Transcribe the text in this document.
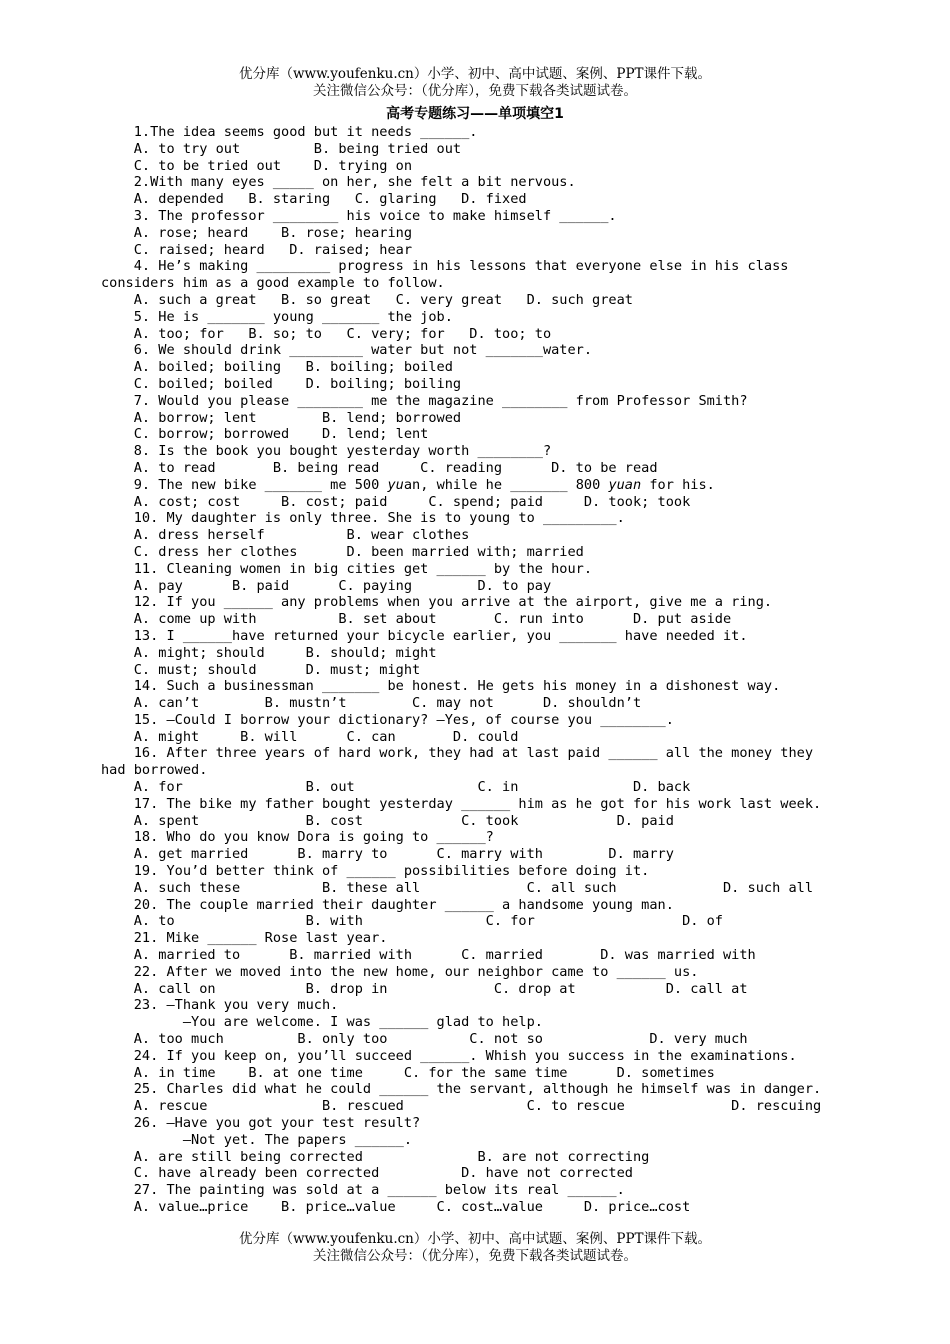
优分库（www.youfenku.cn）小学、初中、高中试题、案例、PPT课件下载。
关注微信公众号：（优分库），免费下载各类试题试卷。
高考专题练习——单项填空1
1.The idea seems good but it needs ______.
A. to try out         B. being tried out
C. to be tried out    D. trying on
2.With many eyes _____ on her, she felt a bit nervous.
A. depended   B. staring   C. glaring   D. fixed
3. The professor ________ his voice to make himself ______.
A. rose; heard    B. rose; hearing
C. raised; heard   D. raised; hear
4. He’s making _________ progress in his lessons that everyone else in his class
considers him as a good example to follow.
A. such a great   B. so great   C. very great   D. such great
5. He is _______ young _______ the job.
A. too; for   B. so; to   C. very; for   D. too; to
6. We should drink _________ water but not _______water.
A. boiled; boiling   B. boiling; boiled
C. boiled; boiled    D. boiling; boiling
7. Would you please ________ me the magazine ________ from Professor Smith?
A. borrow; lent        B. lend; borrowed
C. borrow; borrowed    D. lend; lent
8. Is the book you bought yesterday worth ________?
A. to read       B. being read     C. reading      D. to be read
9. The new bike _______ me 500 yuan, while he _______ 800 yuan for his.
A. cost; cost     B. cost; paid     C. spend; paid     D. took; took
10. My daughter is only three. She is to young to _________.
A. dress herself          B. wear clothes
C. dress her clothes      D. been married with; married
11. Cleaning women in big cities get ______ by the hour.
A. pay      B. paid      C. paying        D. to pay
12. If you ______ any problems when you arrive at the airport, give me a ring.
A. come up with          B. set about       C. run into      D. put aside
13. I ______have returned your bicycle earlier, you _______ have needed it.
A. might; should     B. should; might
C. must; should      D. must; might
14. Such a businessman _______ be honest. He gets his money in a dishonest way.
A. can’t        B. mustn’t        C. may not      D. shouldn’t
15. —Could I borrow your dictionary? —Yes, of course you ________.
A. might     B. will      C. can       D. could
16. After three years of hard work, they had at last paid ______ all the money they
had borrowed.
A. for               B. out               C. in              D. back
17. The bike my father bought yesterday ______ him as he got for his work last week.
A. spent             B. cost            C. took            D. paid
18. Who do you know Dora is going to ______?
A. get married      B. marry to      C. marry with        D. marry
19. You’d better think of ______ possibilities before doing it.
A. such these          B. these all             C. all such             D. such all
20. The couple married their daughter ______ a handsome young man.
A. to                B. with               C. for                  D. of
21. Mike ______ Rose last year.
A. married to      B. married with      C. married       D. was married with
22. After we moved into the new home, our neighbor came to ______ us.
A. call on           B. drop in             C. drop at           D. call at
23. —Thank you very much.
—You are welcome. I was ______ glad to help.
A. too much         B. only too          C. not so             D. very much
24. If you keep on, you’ll succeed ______. Whish you success in the examinations.
A. in time    B. at one time     C. for the same time      D. sometimes
25. Charles did what he could ______ the servant, although he himself was in danger.
A. rescue              B. rescued               C. to rescue             D. rescuing
26. —Have you got your test result?
—Not yet. The papers ______.
A. are still being corrected              B. are not correcting
C. have already been corrected          D. have not corrected
27. The painting was sold at a ______ below its real ______.
A. value…price    B. price…value     C. cost…value     D. price…cost
优分库（www.youfenku.cn）小学、初中、高中试题、案例、PPT课件下载。
关注微信公众号：（优分库），免费下载各类试题试卷。
